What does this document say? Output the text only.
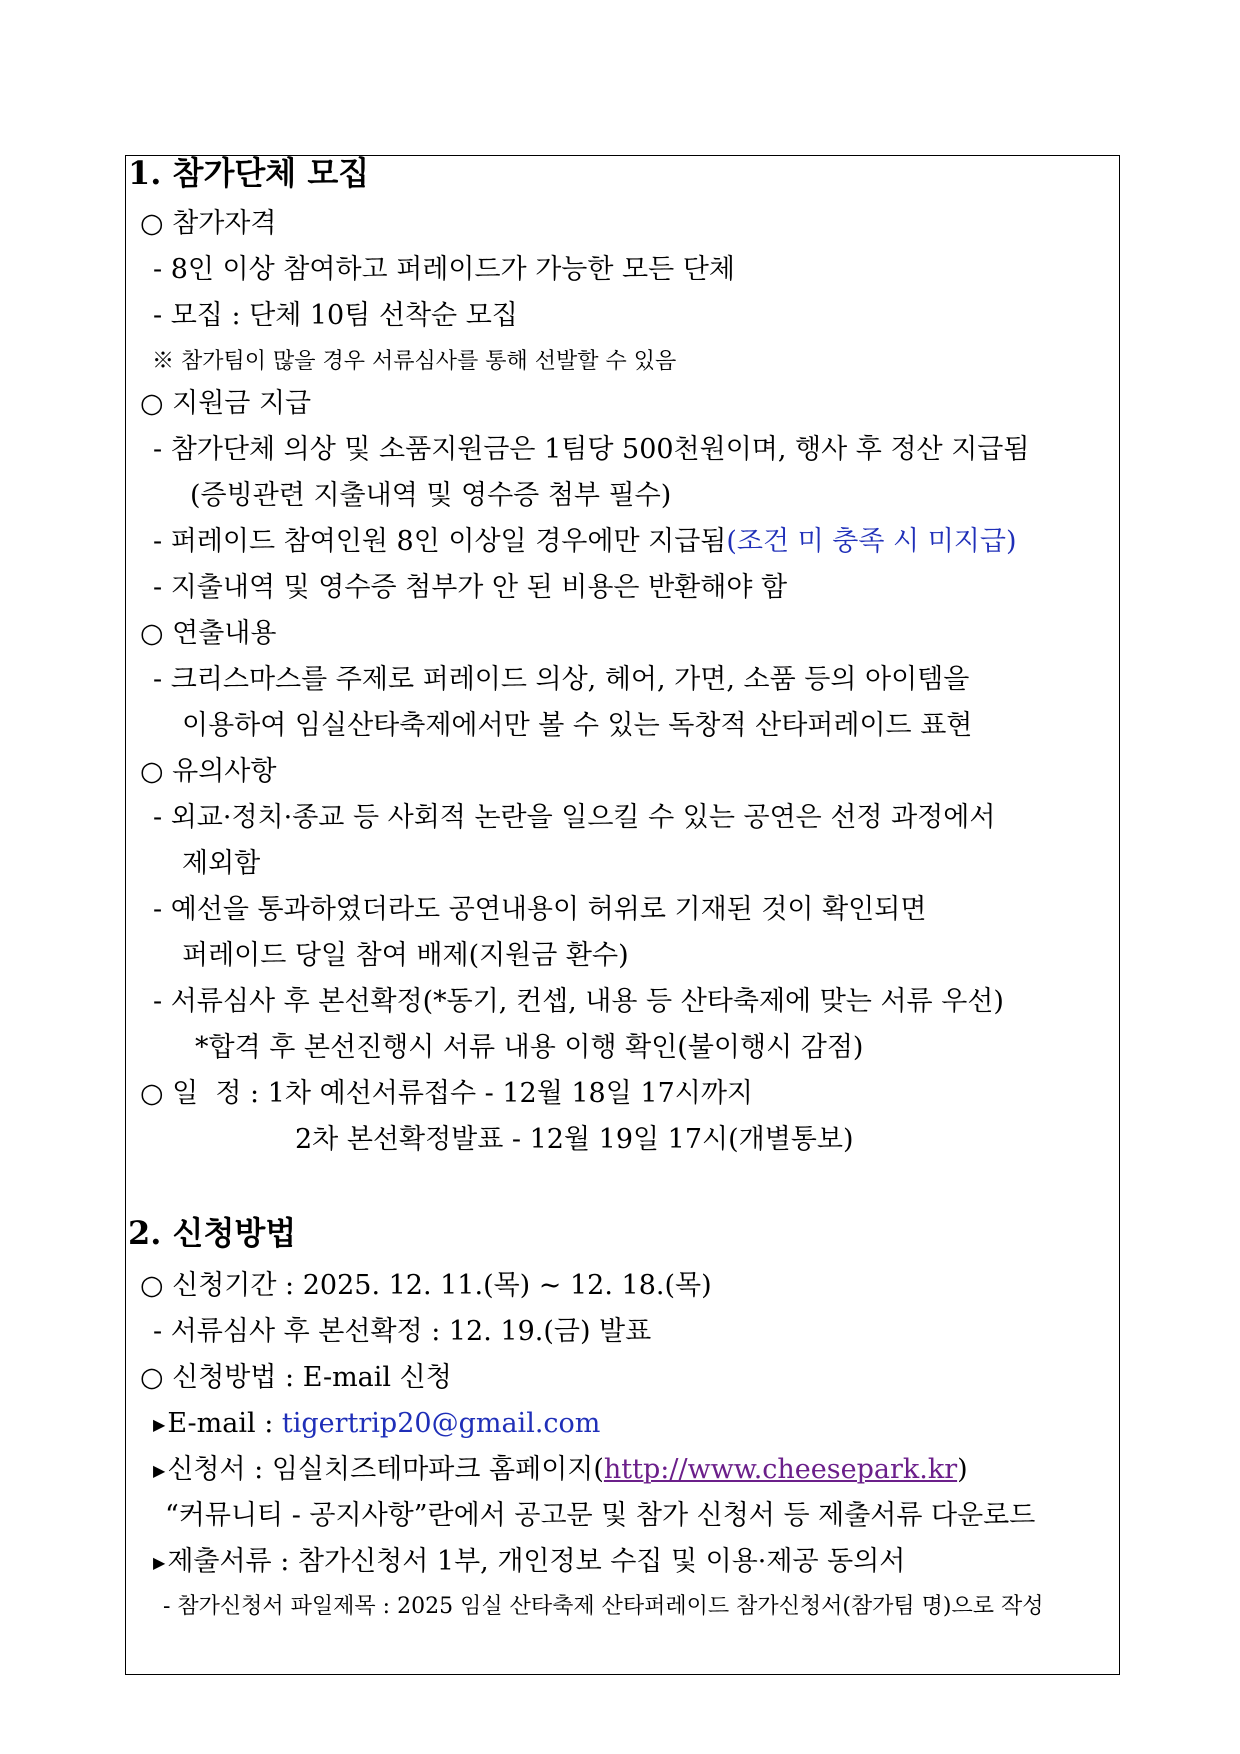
1. 참가단체 모집
○ 참가자격
- 8인 이상 참여하고 퍼레이드가 가능한 모든 단체
- 모집 : 단체 10팀 선착순 모집
※ 참가팀이 많을 경우 서류심사를 통해 선발할 수 있음
○ 지원금 지급
- 참가단체 의상 및 소품지원금은 1팀당 500천원이며, 행사 후 정산 지급됨
(증빙관련 지출내역 및 영수증 첨부 필수)
- 퍼레이드 참여인원 8인 이상일 경우에만 지급됨(조건 미 충족 시 미지급)
- 지출내역 및 영수증 첨부가 안 된 비용은 반환해야 함
○ 연출내용
- 크리스마스를 주제로 퍼레이드 의상, 헤어, 가면, 소품 등의 아이템을
이용하여 임실산타축제에서만 볼 수 있는 독창적 산타퍼레이드 표현
○ 유의사항
- 외교·정치·종교 등 사회적 논란을 일으킬 수 있는 공연은 선정 과정에서
제외함
- 예선을 통과하였더라도 공연내용이 허위로 기재된 것이 확인되면
퍼레이드 당일 참여 배제(지원금 환수)
- 서류심사 후 본선확정(*동기, 컨셉, 내용 등 산타축제에 맞는 서류 우선)
*합격 후 본선진행시 서류 내용 이행 확인(불이행시 감점)
○ 일  정 : 1차 예선서류접수 - 12월 18일 17시까지
2차 본선확정발표 - 12월 19일 17시(개별통보)
2. 신청방법
○ 신청기간 : 2025. 12. 11.(목) ~ 12. 18.(목)
- 서류심사 후 본선확정 : 12. 19.(금) 발표
○ 신청방법 : E-mail 신청
▶E-mail : tigertrip20@gmail.com
▶신청서 : 임실치즈테마파크 홈페이지(http://www.cheesepark.kr)
“커뮤니티 - 공지사항”란에서 공고문 및 참가 신청서 등 제출서류 다운로드
▶제출서류 : 참가신청서 1부, 개인정보 수집 및 이용·제공 동의서
- 참가신청서 파일제목 : 2025 임실 산타축제 산타퍼레이드 참가신청서(참가팀 명)으로 작성
